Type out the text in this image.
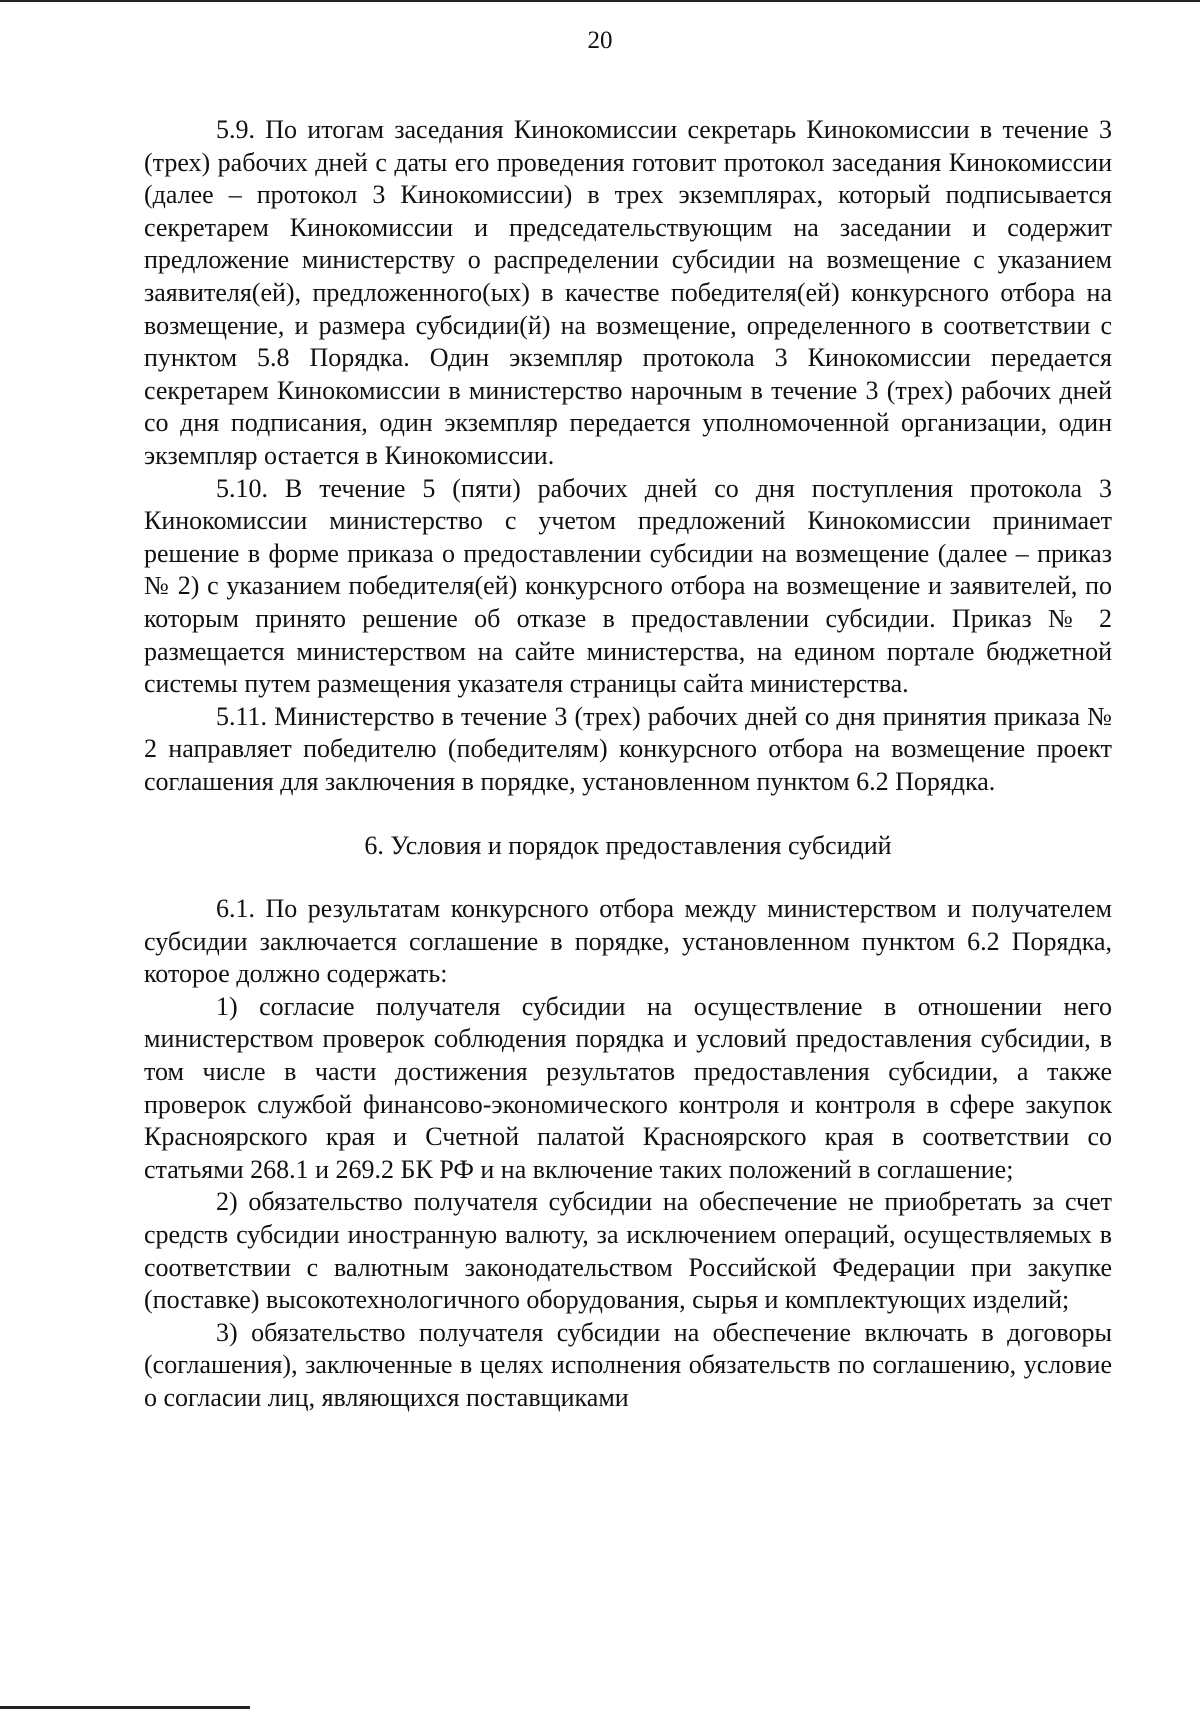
20

5.9. По итогам заседания Кинокомиссии секретарь Кинокомиссии в течение 3 (трех) рабочих дней с даты его проведения готовит протокол заседания Кинокомиссии (далее – протокол 3 Кинокомиссии) в трех экземплярах, который подписывается секретарем Кинокомиссии и председательствующим на заседании и содержит предложение министерству о распределении субсидии на возмещение с указанием заявителя(ей), предложенного(ых) в качестве победителя(ей) конкурсного отбора на возмещение, и размера субсидии(й) на возмещение, определенного в соответствии с пунктом 5.8 Порядка. Один экземпляр протокола 3 Кинокомиссии передается секретарем Кинокомиссии в министерство нарочным в течение 3 (трех) рабочих дней со дня подписания, один экземпляр передается уполномоченной организации, один экземпляр остается в Кинокомиссии.

5.10. В течение 5 (пяти) рабочих дней со дня поступления протокола 3 Кинокомиссии министерство с учетом предложений Кинокомиссии принимает решение в форме приказа о предоставлении субсидии на возмещение (далее – приказ № 2) с указанием победителя(ей) конкурсного отбора на возмещение и заявителей, по которым принято решение об отказе в предоставлении субсидии. Приказ № 2 размещается министерством на сайте министерства, на едином портале бюджетной системы путем размещения указателя страницы сайта министерства.

5.11. Министерство в течение 3 (трех) рабочих дней со дня принятия приказа № 2 направляет победителю (победителям) конкурсного отбора на возмещение проект соглашения для заключения в порядке, установленном пунктом 6.2 Порядка.

6. Условия и порядок предоставления субсидий

6.1. По результатам конкурсного отбора между министерством и получателем субсидии заключается соглашение в порядке, установленном пунктом 6.2 Порядка, которое должно содержать:

1) согласие получателя субсидии на осуществление в отношении него министерством проверок соблюдения порядка и условий предоставления субсидии, в том числе в части достижения результатов предоставления субсидии, а также проверок службой финансово-экономического контроля и контроля в сфере закупок Красноярского края и Счетной палатой Красноярского края в соответствии со статьями 268.1 и 269.2 БК РФ и на включение таких положений в соглашение;

2) обязательство получателя субсидии на обеспечение не приобретать за счет средств субсидии иностранную валюту, за исключением операций, осуществляемых в соответствии с валютным законодательством Российской Федерации при закупке (поставке) высокотехнологичного оборудования, сырья и комплектующих изделий;

3) обязательство получателя субсидии на обеспечение включать в договоры (соглашения), заключенные в целях исполнения обязательств по соглашению, условие о согласии лиц, являющихся поставщиками
